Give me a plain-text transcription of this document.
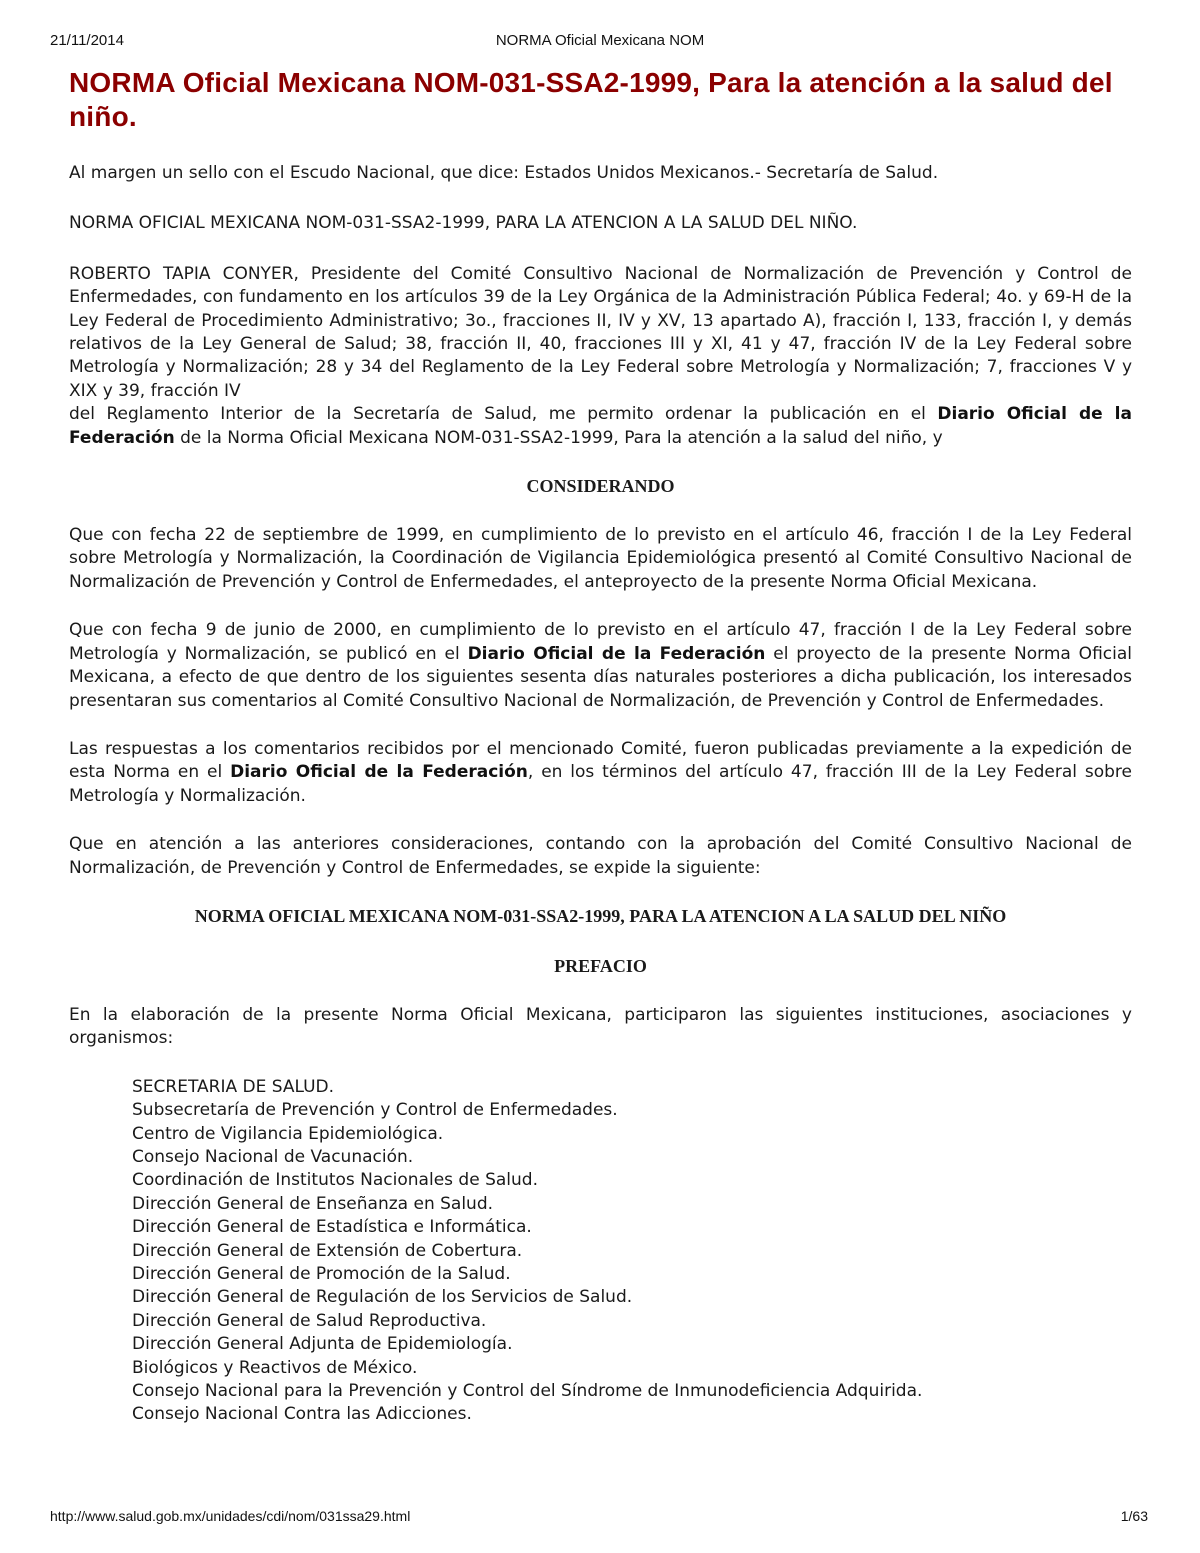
21/11/2014	NORMA Oficial Mexicana NOM
NORMA Oficial Mexicana NOM-031-SSA2-1999, Para la atención a la salud del niño.

Al margen un sello con el Escudo Nacional, que dice: Estados Unidos Mexicanos.- Secretaría de Salud.

NORMA OFICIAL MEXICANA NOM-031-SSA2-1999, PARA LA ATENCION A LA SALUD DEL NIÑO.

ROBERTO TAPIA CONYER, Presidente del Comité Consultivo Nacional de Normalización de Prevención y Control de Enfermedades, con fundamento en los artículos 39 de la Ley Orgánica de la Administración Pública Federal; 4o. y 69-H de la Ley Federal de Procedimiento Administrativo; 3o., fracciones II, IV y XV, 13 apartado A), fracción I, 133, fracción I, y demás relativos de la Ley General de Salud; 38, fracción II, 40, fracciones III y XI, 41 y 47, fracción IV de la Ley Federal sobre Metrología y Normalización; 28 y 34 del Reglamento de la Ley Federal sobre Metrología y Normalización; 7, fracciones V y XIX y 39, fracción IV

del Reglamento Interior de la Secretaría de Salud, me permito ordenar la publicación en el Diario Oficial de la Federación de la Norma Oficial Mexicana NOM-031-SSA2-1999, Para la atención a la salud del niño, y

CONSIDERANDO

Que con fecha 22 de septiembre de 1999, en cumplimiento de lo previsto en el artículo 46, fracción I de la Ley Federal sobre Metrología y Normalización, la Coordinación de Vigilancia Epidemiológica presentó al Comité Consultivo Nacional de Normalización de Prevención y Control de Enfermedades, el anteproyecto de la presente Norma Oficial Mexicana.

Que con fecha 9 de junio de 2000, en cumplimiento de lo previsto en el artículo 47, fracción I de la Ley Federal sobre Metrología y Normalización, se publicó en el Diario Oficial de la Federación el proyecto de la presente Norma Oficial Mexicana, a efecto de que dentro de los siguientes sesenta días naturales posteriores a dicha publicación, los interesados presentaran sus comentarios al Comité Consultivo Nacional de Normalización, de Prevención y Control de Enfermedades.

Las respuestas a los comentarios recibidos por el mencionado Comité, fueron publicadas previamente a la expedición de esta Norma en el Diario Oficial de la Federación, en los términos del artículo 47, fracción III de la Ley Federal sobre Metrología y Normalización.

Que en atención a las anteriores consideraciones, contando con la aprobación del Comité Consultivo Nacional de Normalización, de Prevención y Control de Enfermedades, se expide la siguiente:

NORMA OFICIAL MEXICANA NOM-031-SSA2-1999, PARA LA ATENCION A LA SALUD DEL NIÑO
PREFACIO

En la elaboración de la presente Norma Oficial Mexicana, participaron las siguientes instituciones, asociaciones y organismos:

SECRETARIA DE SALUD.
Subsecretaría de Prevención y Control de Enfermedades.
Centro de Vigilancia Epidemiológica.
Consejo Nacional de Vacunación.
Coordinación de Institutos Nacionales de Salud.
Dirección General de Enseñanza en Salud.
Dirección General de Estadística e Informática.
Dirección General de Extensión de Cobertura.
Dirección General de Promoción de la Salud.
Dirección General de Regulación de los Servicios de Salud.
Dirección General de Salud Reproductiva.
Dirección General Adjunta de Epidemiología.
Biológicos y Reactivos de México.
Consejo Nacional para la Prevención y Control del Síndrome de Inmunodeficiencia Adquirida.
Consejo Nacional Contra las Adicciones.
http://www.salud.gob.mx/unidades/cdi/nom/031ssa29.html	1/63
